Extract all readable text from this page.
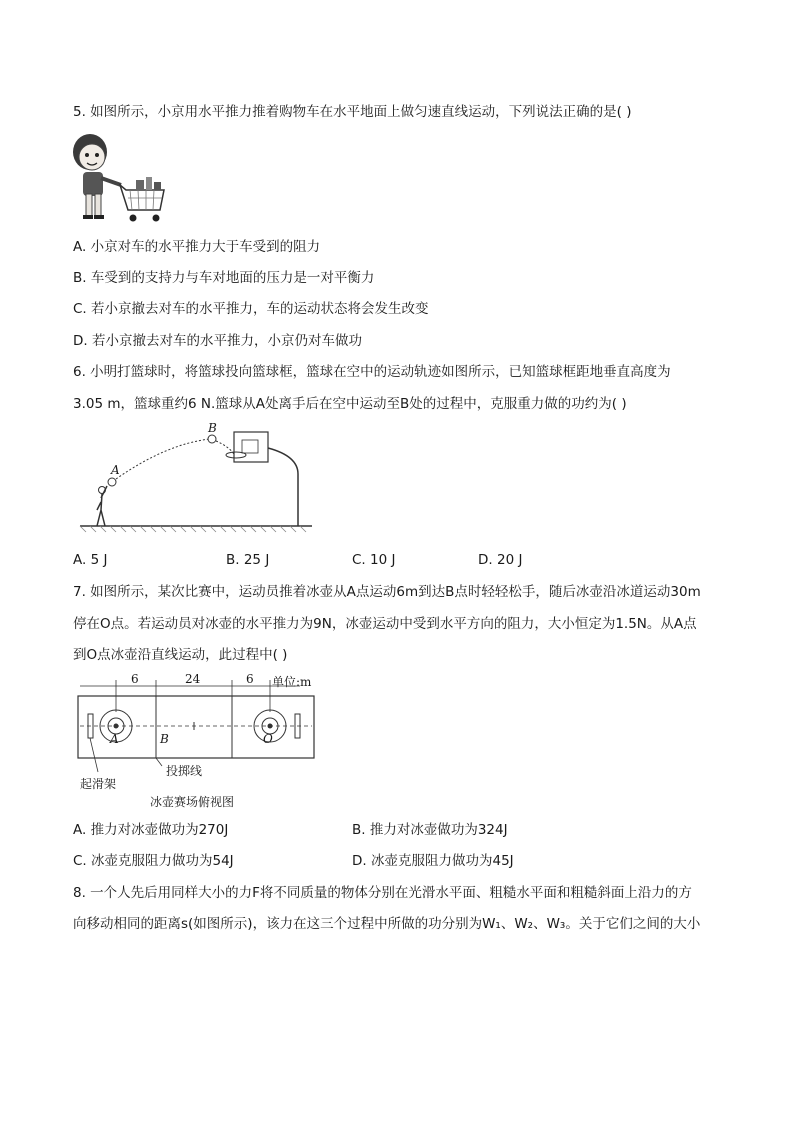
5. 如图所示，小京用水平推力推着购物车在水平地面上做匀速直线运动，下列说法正确的是( )
A. 小京对车的水平推力大于车受到的阻力
B. 车受到的支持力与车对地面的压力是一对平衡力
C. 若小京撤去对车的水平推力，车的运动状态将会发生改变
D. 若小京撤去对车的水平推力，小京仍对车做功
6. 小明打篮球时，将篮球投向篮球框，篮球在空中的运动轨迹如图所示，已知篮球框距地垂直高度为
3.05 m，篮球重约6 N.篮球从A处离手后在空中运动至B处的过程中，克服重力做的功约为( )
A
B
A. 5 J	B. 25 J	C. 10 J	D. 20 J
7. 如图所示，某次比赛中，运动员推着冰壶从A点运动6m到达B点时轻轻松手，随后冰壶沿冰道运动30m
停在O点。若运动员对冰壶的水平推力为9N，冰壶运动中受到水平方向的阻力，大小恒定为1.5N。从A点
到O点冰壶沿直线运动，此过程中( )
6	24	6 单位:m
A	B	O
起滑架
投掷线
冰壶赛场俯视图
A. 推力对冰壶做功为270J	B. 推力对冰壶做功为324J
C. 冰壶克服阻力做功为54J	D. 冰壶克服阻力做功为45J
8. 一个人先后用同样大小的力F将不同质量的物体分别在光滑水平面、粗糙水平面和粗糙斜面上沿力的方
向移动相同的距离s(如图所示)，该力在这三个过程中所做的功分别为W₁、W₂、W₃。关于它们之间的大小
